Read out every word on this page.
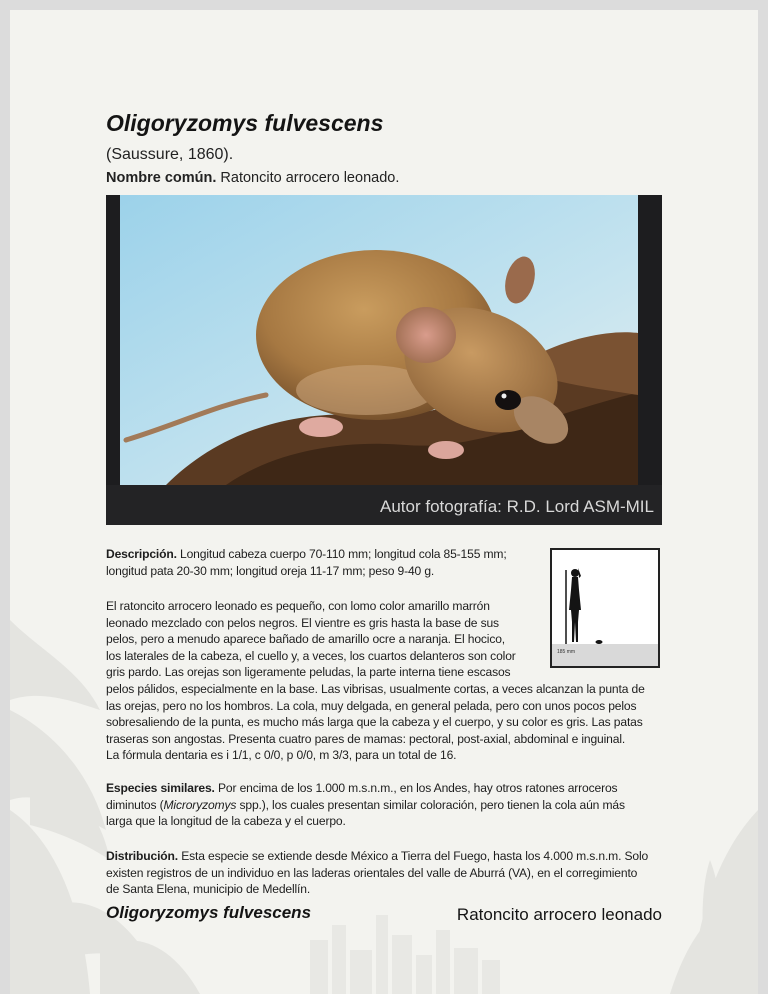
Oligoryzomys fulvescens
(Saussure, 1860).
Nombre común. Ratoncito arrocero leonado.
Autor fotografía: R.D. Lord ASM-MIL
185 mm
Descripción. Longitud cabeza cuerpo 70-110 mm; longitud cola 85-155 mm;
longitud pata 20-30 mm; longitud oreja 11-17 mm; peso 9-40 g.
El ratoncito arrocero leonado es pequeño, con lomo color amarillo marrón
leonado mezclado con pelos negros. El vientre es gris hasta la base de sus
pelos, pero a menudo aparece bañado de amarillo ocre a naranja. El hocico,
los laterales de la cabeza, el cuello y, a veces, los cuartos delanteros son color
gris pardo. Las orejas son ligeramente peludas, la parte interna tiene escasos
pelos pálidos, especialmente en la base. Las vibrisas, usualmente cortas, a veces alcanzan la punta de
las orejas, pero no los hombros. La cola, muy delgada, en general pelada, pero con unos pocos pelos
sobresaliendo de la punta, es mucho más larga que la cabeza y el cuerpo, y su color es gris. Las patas
traseras son angostas. Presenta cuatro pares de mamas: pectoral, post-axial, abdominal e inguinal.
La fórmula dentaria es i 1/1, c 0/0, p 0/0, m 3/3, para un total de 16.
Especies similares. Por encima de los 1.000 m.s.n.m., en los Andes, hay otros ratones arroceros
diminutos (Microryzomys spp.), los cuales presentan similar coloración, pero tienen la cola aún más
larga que la longitud de la cabeza y el cuerpo.
Distribución. Esta especie se extiende desde México a Tierra del Fuego, hasta los 4.000 m.s.n.m. Solo
existen registros de un individuo en las laderas orientales del valle de Aburrá (VA), en el corregimiento
de Santa Elena, municipio de Medellín.
Oligoryzomys fulvescens	Ratoncito arrocero leonado
